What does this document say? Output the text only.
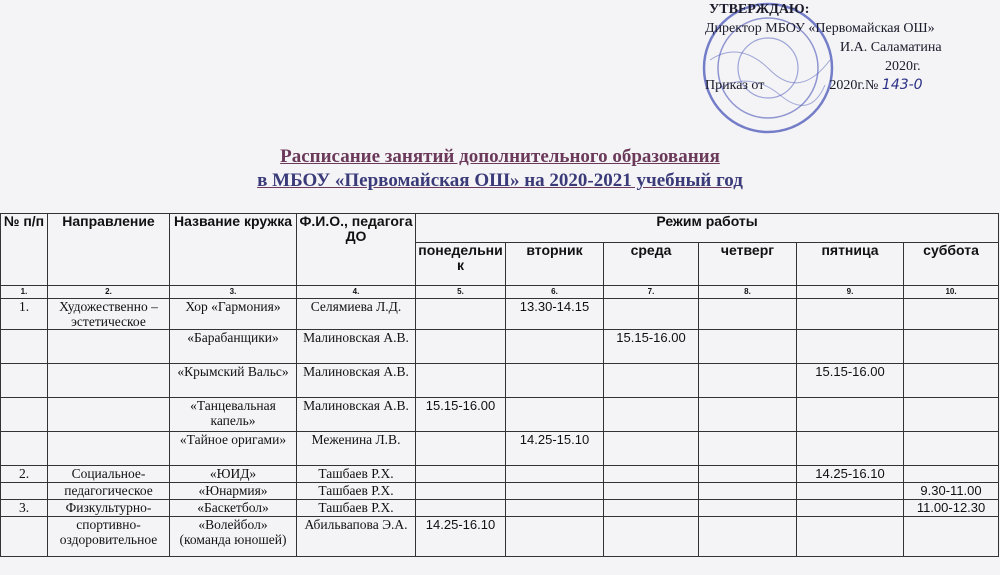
УТВЕРЖДАЮ:
Директор МБОУ «Первомайская ОШ»
И.А. Саламатина
2020г.
Приказ от	2020г.№ 143-0
Расписание занятий дополнительного образования
в МБОУ «Первомайская ОШ» на 2020-2021 учебный год
№ п/п	Направление	Название кружка	Ф.И.О., педагога ДО	Режим работы					
				понедельник	вторник	среда	четверг	пятница	суббота
1.	2.	3.	4.	5.	6.	7.	8.	9.	10.
1.	Художественно –эстетическое	Хор «Гармония»	Селямиева Л.Д.		13.30-14.15				
		«Барабанщики»	Малиновская А.В.			15.15-16.00			
		«Крымский Вальс»	Малиновская А.В.					15.15-16.00	
		«Танцевальная капель»	Малиновская А.В.	15.15-16.00					
		«Тайное оригами»	Меженина Л.В.		14.25-15.10				
2.	Социальное-	«ЮИД»	Ташбаев Р.Х.					14.25-16.10	
	педагогическое	«Юнармия»	Ташбаев Р.Х.						9.30-11.00
3.	Физкультурно-	«Баскетбол»	Ташбаев Р.Х.						11.00-12.30
	спортивно- оздоровительное	«Волейбол» (команда юношей)	Абильвапова Э.А.	14.25-16.10					
